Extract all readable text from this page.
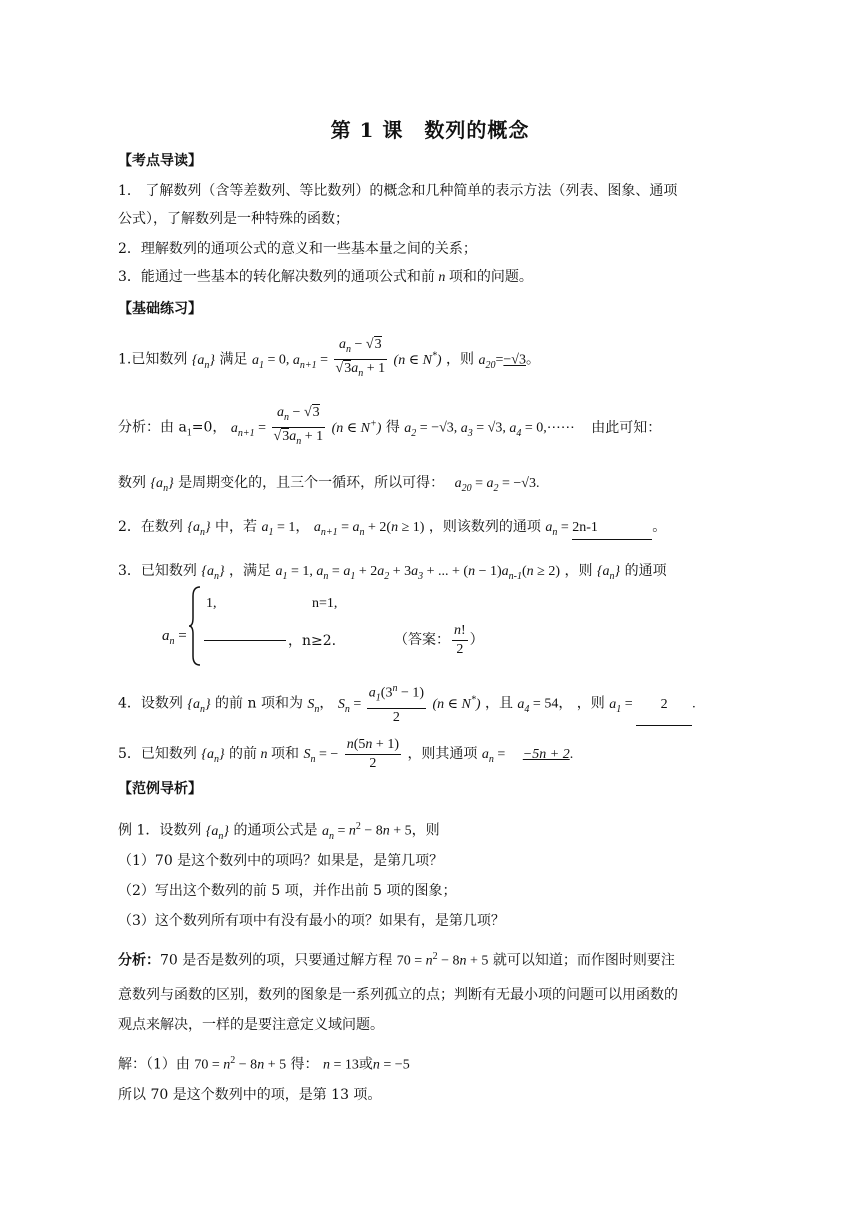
第 1 课　数列的概念
【考点导读】
1． 了解数列（含等差数列、等比数列）的概念和几种简单的表示方法（列表、图象、通项
公式），了解数列是一种特殊的函数；
2．理解数列的通项公式的意义和一些基本量之间的关系；
3．能通过一些基本的转化解决数列的通项公式和前 n 项和的问题。
【基础练习】
1.已知数列 $\{a_n\}$ 满足 $a_1 = 0$, $a_{n+1} = \frac{a_n - √3}{√3a_n + 1} (n$ ∈ N*) ，则 $a_{20}=-√3$。
分析：由 $a_1=0$， $a_{n+1} = \frac{a_n - √3}{√3a_n + 1} (n$ ∈ N+) 得 $a_2 = -√3$, $a_3 = √3$, $a_4$ = 0,⋯⋯ 由此可知：
数列 $\{a_n\}$ 是周期变化的，且三个一循环，所以可得： $a_{20} = a_2 = -√3$.
2．在数列 $\{a_n\}$ 中，若 $a_1 = 1$， $a_{n+1} = a_n + 2(n \ge 1)$ ，则该数列的通项 $a_n = 2n-1$	。
3．已知数列 $\{a_n\}$ ，满足 $a_1 = 1$, $a_n = a_1 + 2a_2 + 3a_3$ + ... + $(n - 1)a_{n-1}(n \ge 2)$ ，则 $\{a_n\}$ 的通项
$a_n$ =
1,	n=1,
，n≥2.	（答案： $\frac{n!}{2}$ ）
4．设数列 $\{a_n\}$ 的前 n 项和为 $S_n$， $S_n = \frac{a_1(3^n - 1)}{2} (n$ ∈ N*) ，且 $a_4 = 54$， ，则 $a_1 = 2$ .
5．已知数列 $\{a_n\}$ 的前 n 项和 $S_n$ = − $\frac{n(5n + 1)}{2}$ ，则其通项 $a_n = -5n + 2$.
【范例导析】
例 1．设数列 $\{a_n\}$ 的通项公式是 $a_n = n^2 - 8n + 5$，则
（1）70 是这个数列中的项吗？如果是，是第几项？
（2）写出这个数列的前 5 项，并作出前 5 项的图象；
（3）这个数列所有项中有没有最小的项？如果有，是第几项？
分析：70 是否是数列的项，只要通过解方程 $70 = n^2 - 8n + 5$ 就可以知道；而作图时则要注
意数列与函数的区别，数列的图象是一系列孤立的点；判断有无最小项的问题可以用函数的
观点来解决，一样的是要注意定义域问题。
解：（1）由 $70 = n^2 - 8n + 5$ 得： n = 13或n = −5
所以 70 是这个数列中的项，是第 13 项。
